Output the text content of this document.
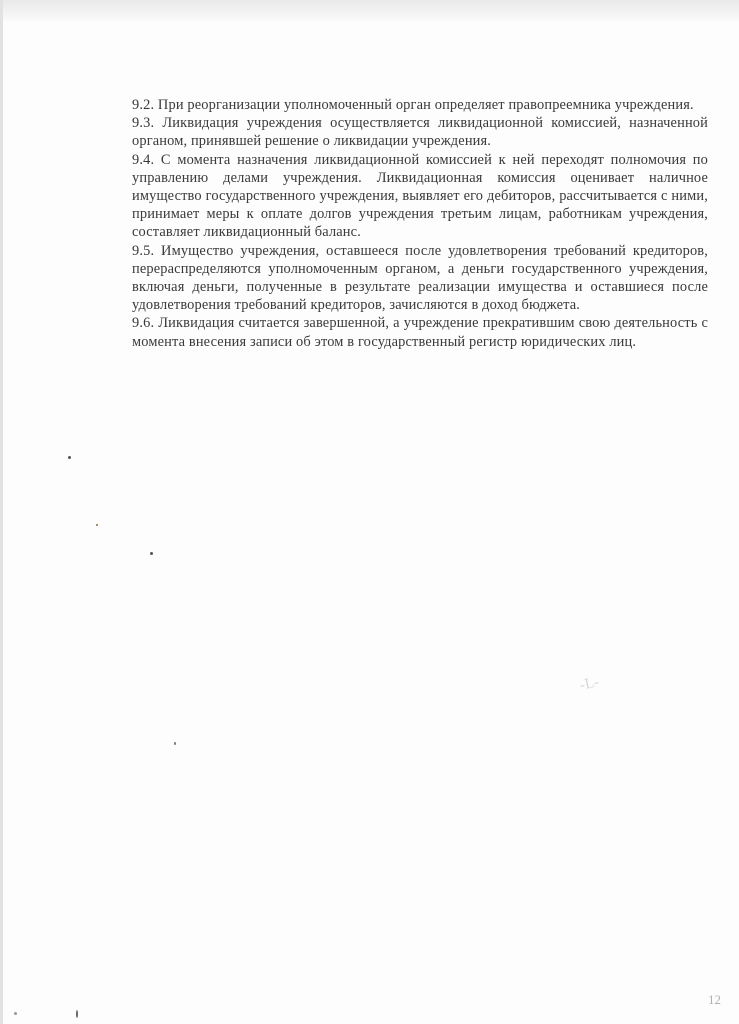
9.2. При реорганизации уполномоченный орган определяет правопреемника учреждения.

9.3. Ликвидация учреждения осуществляется ликвидационной комиссией, назначенной органом, принявшей решение о ликвидации учреждения.

9.4. С момента назначения ликвидационной комиссией к ней переходят полномочия по управлению делами учреждения. Ликвидационная комиссия оценивает наличное имущество государственного учреждения, выявляет его дебиторов, рассчитывается с ними, принимает меры к оплате долгов учреждения третьим лицам, работникам учреждения, составляет ликвидационный баланс.

9.5. Имущество учреждения, оставшееся после удовлетворения требований кредиторов, перераспределяются уполномоченным органом, а деньги государственного учреждения, включая деньги, полученные в результате реализации имущества и оставшиеся после удовлетворения требований кредиторов, зачисляются в доход бюджета.

9.6. Ликвидация считается завершенной, а учреждение прекратившим свою деятельность с момента внесения записи об этом в государственный регистр юридических лиц.

-L-
12
